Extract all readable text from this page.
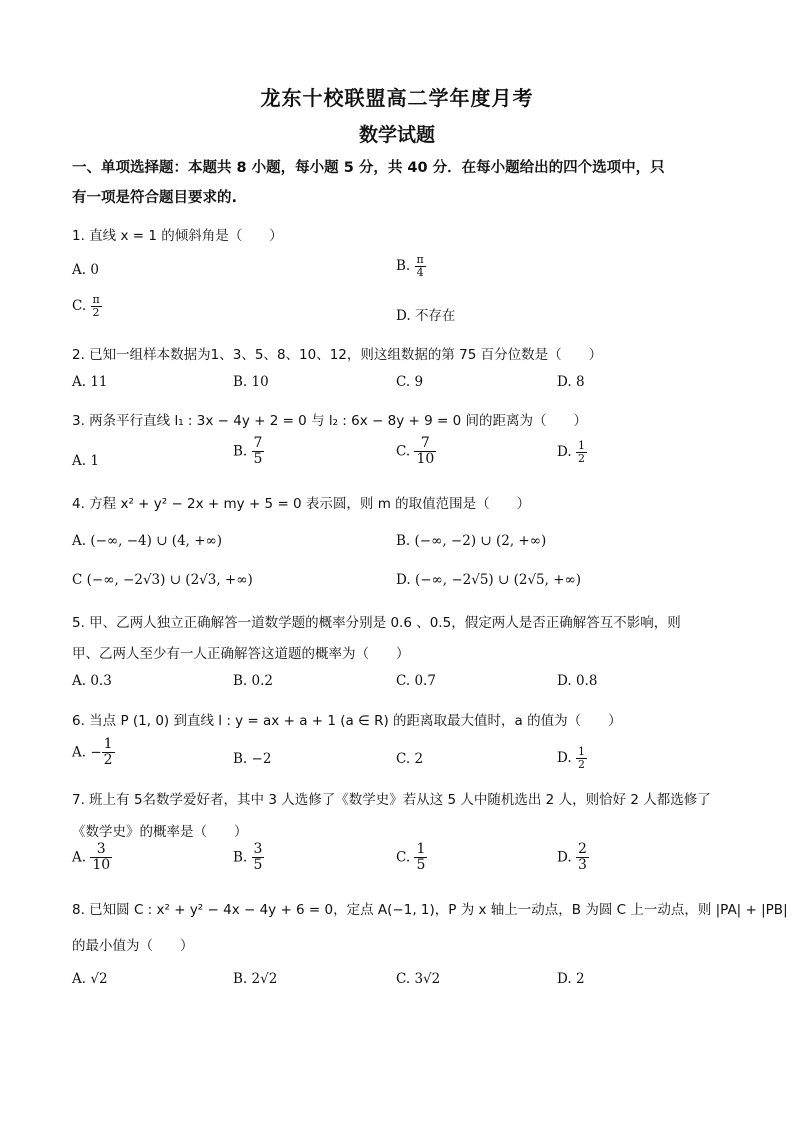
龙东十校联盟高二学年度月考
数学试题
一、单项选择题：本题共 8 小题，每小题 5 分，共 40 分．在每小题给出的四个选项中，只
有一项是符合题目要求的.
1. 直线 x = 1 的倾斜角是（　　）
A. 0	B. $\frac{\pi}{4}$
C. $\frac{\pi}{2}$	D. 不存在
2. 已知一组样本数据为1、3、5、8、10、12，则这组数据的第 75 百分位数是（　　）
A. 11	B. 10	C. 9	D. 8
3. 两条平行直线 l₁ : 3x − 4y + 2 = 0 与 l₂ : 6x − 8y + 9 = 0 间的距离为（　　）
A. 1
B. $\frac{7}{5}$	C. $\frac{7}{10}$	D. $\frac{1}{2}$
4. 方程 x² + y² − 2x + my + 5 = 0 表示圆，则 m 的取值范围是（　　）
A. (−∞, −4) ∪ (4, +∞)	B. (−∞, −2) ∪ (2, +∞)
C (−∞, −2√3) ∪ (2√3, +∞)	D. (−∞, −2√5) ∪ (2√5, +∞)
5. 甲、乙两人独立正确解答一道数学题的概率分别是 0.6 、0.5，假定两人是否正确解答互不影响，则
甲、乙两人至少有一人正确解答这道题的概率为（　　）
A. 0.3	B. 0.2	C. 0.7	D. 0.8
6. 当点 P (1, 0) 到直线 l : y = ax + a + 1 (a ∈ R) 的距离取最大值时，a 的值为（　　）
A. − $\frac{1}{2}$	B. −2	C. 2	D. $\frac{1}{2}$
7. 班上有 5名数学爱好者，其中 3 人选修了《数学史》若从这 5 人中随机选出 2 人，则恰好 2 人都选修了
《数学史》的概率是（　　）
A. $\frac{3}{10}$	B. $\frac{3}{5}$	C. $\frac{1}{5}$	D. $\frac{2}{3}$
8. 已知圆 C : x² + y² − 4x − 4y + 6 = 0，定点 A(−1, 1)，P 为 x 轴上一动点，B 为圆 C 上一动点，则 |PA| + |PB|
的最小值为（　　）
A. √2	B. 2√2	C. 3√2	D. 2
